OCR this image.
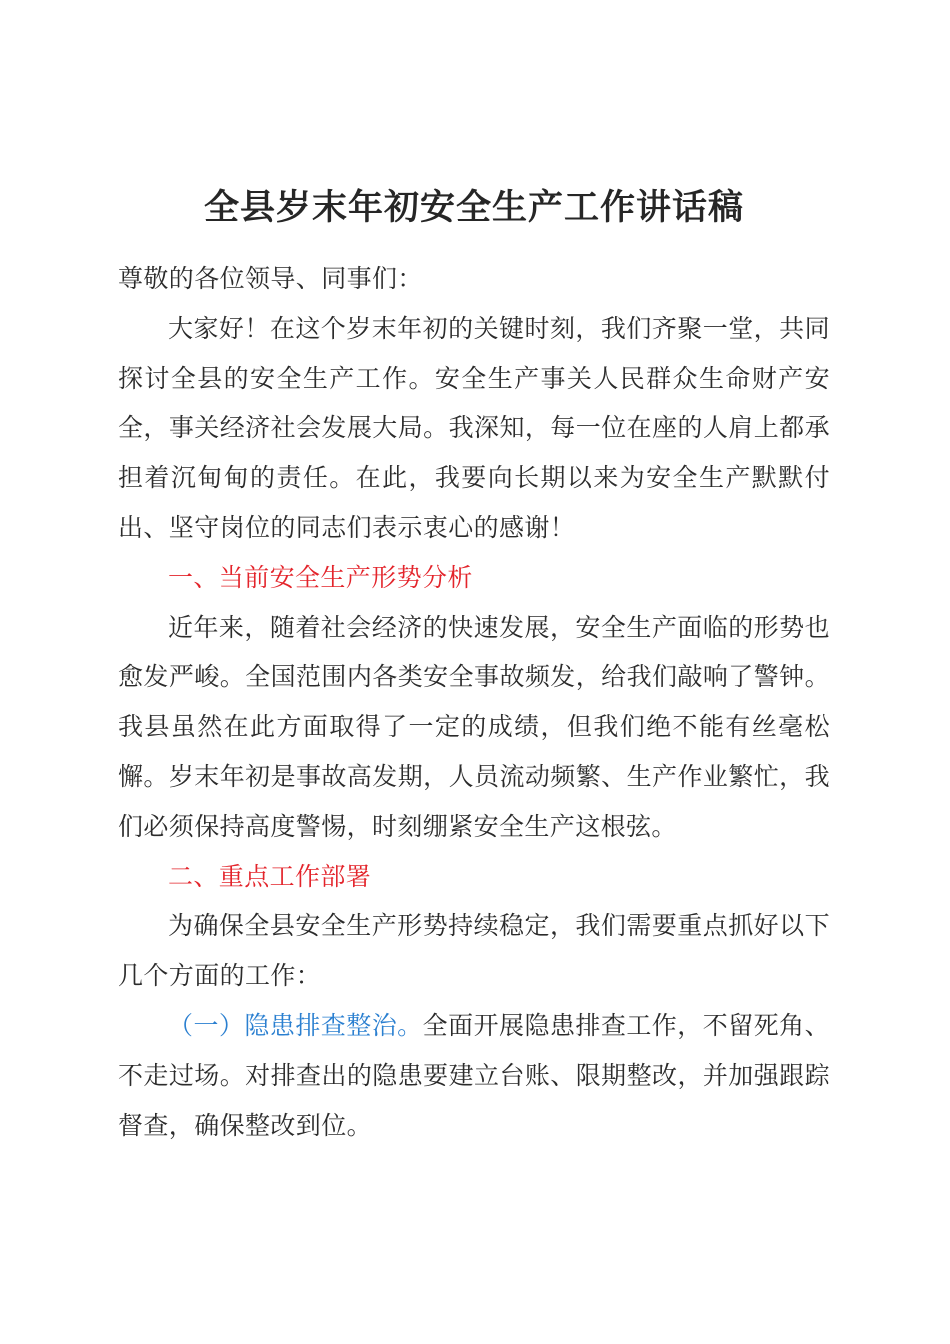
全县岁末年初安全生产工作讲话稿

尊敬的各位领导、同事们：

大家好！在这个岁末年初的关键时刻，我们齐聚一堂，共同探讨全县的安全生产工作。安全生产事关人民群众生命财产安全，事关经济社会发展大局。我深知，每一位在座的人肩上都承担着沉甸甸的责任。在此，我要向长期以来为安全生产默默付出、坚守岗位的同志们表示衷心的感谢！

一、当前安全生产形势分析

近年来，随着社会经济的快速发展，安全生产面临的形势也愈发严峻。全国范围内各类安全事故频发，给我们敲响了警钟。我县虽然在此方面取得了一定的成绩，但我们绝不能有丝毫松懈。岁末年初是事故高发期，人员流动频繁、生产作业繁忙，我们必须保持高度警惕，时刻绷紧安全生产这根弦。

二、重点工作部署

为确保全县安全生产形势持续稳定，我们需要重点抓好以下几个方面的工作：

（一）隐患排查整治。全面开展隐患排查工作，不留死角、不走过场。对排查出的隐患要建立台账、限期整改，并加强跟踪督查，确保整改到位。
